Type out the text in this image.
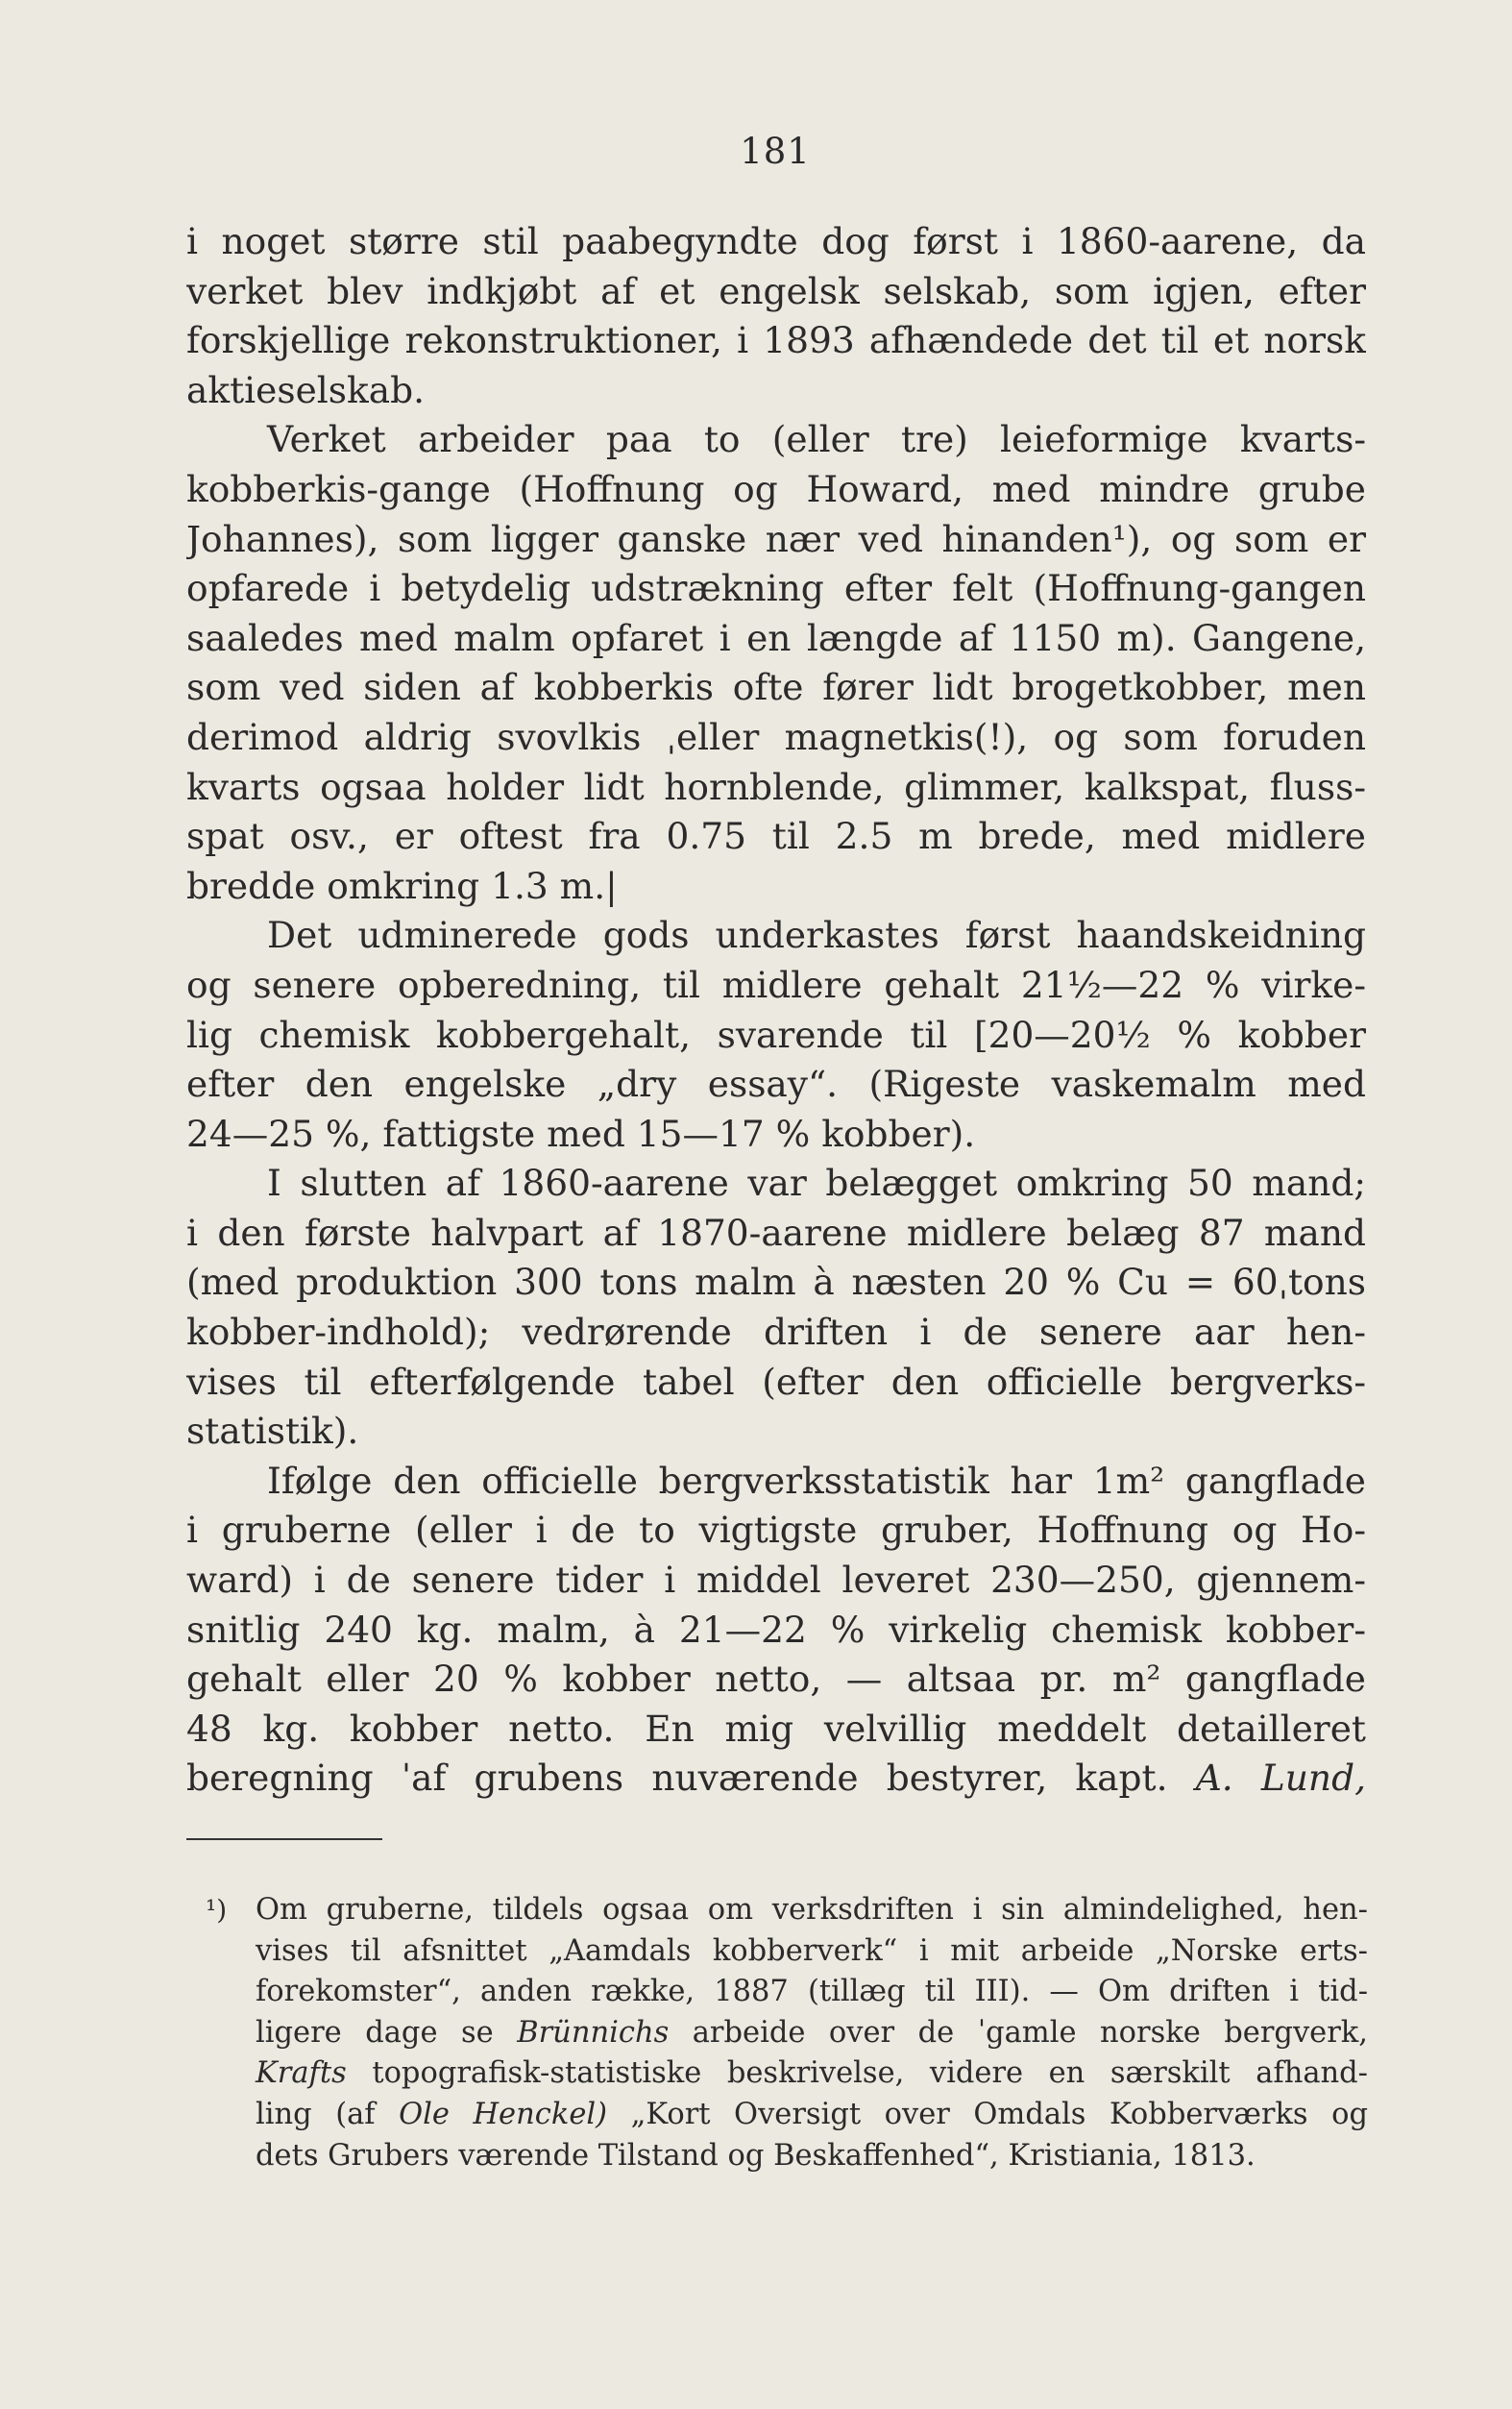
181
i noget større stil paabegyndte dog først i 1860-aarene, da
verket blev indkjøbt af et engelsk selskab, som igjen, efter
forskjellige rekonstruktioner, i 1893 afhændede det til et norsk
aktieselskab.
Verket arbeider paa to (eller tre) leieformige kvarts-
kobberkis-gange (Hoffnung og Howard, med mindre grube
Johannes), som ligger ganske nær ved hinanden¹), og som er
opfarede i betydelig udstrækning efter felt (Hoffnung-gangen
saaledes med malm opfaret i en længde af 1150 m). Gangene,
som ved siden af kobberkis ofte fører lidt brogetkobber, men
derimod aldrig svovlkis ˌeller magnetkis(!), og som foruden
kvarts ogsaa holder lidt hornblende, glimmer, kalkspat, fluss-
spat osv., er oftest fra 0.75 til 2.5 m brede, med midlere
bredde omkring 1.3 m.|
Det udminerede gods underkastes først haandskeidning
og senere opberedning, til midlere gehalt 21½—22 % virke-
lig chemisk kobbergehalt, svarende til [20—20½ % kobber
efter den engelske „dry essay“. (Rigeste vaskemalm med
24—25 %, fattigste med 15—17 % kobber).
I slutten af 1860-aarene var belægget omkring 50 mand;
i den første halvpart af 1870-aarene midlere belæg 87 mand
(med produktion 300 tons malm à næsten 20 % Cu = 60ˌtons
kobber-indhold); vedrørende driften i de senere aar hen-
vises til efterfølgende tabel (efter den officielle bergverks-
statistik).
Ifølge den officielle bergverksstatistik har 1m² gangflade
i gruberne (eller i de to vigtigste gruber, Hoffnung og Ho-
ward) i de senere tider i middel leveret 230—250, gjennem-
snitlig 240 kg. malm, à 21—22 % virkelig chemisk kobber-
gehalt eller 20 % kobber netto, — altsaa pr. m² gangflade
48 kg. kobber netto. En mig velvillig meddelt detailleret
beregning ˈaf grubens nuværende bestyrer, kapt. A. Lund,
¹) Om gruberne, tildels ogsaa om verksdriften i sin almindelighed, hen-
vises til afsnittet „Aamdals kobberverk“ i mit arbeide „Norske erts-
forekomster“, anden række, 1887 (tillæg til III). — Om driften i tid-
ligere dage se Brünnichs arbeide over de ˈgamle norske bergverk,
Krafts topografisk-statistiske beskrivelse, videre en særskilt afhand-
ling (af Ole Henckel) „Kort Oversigt over Omdals Kobberværks og
dets Grubers værende Tilstand og Beskaffenhed“, Kristiania, 1813.
